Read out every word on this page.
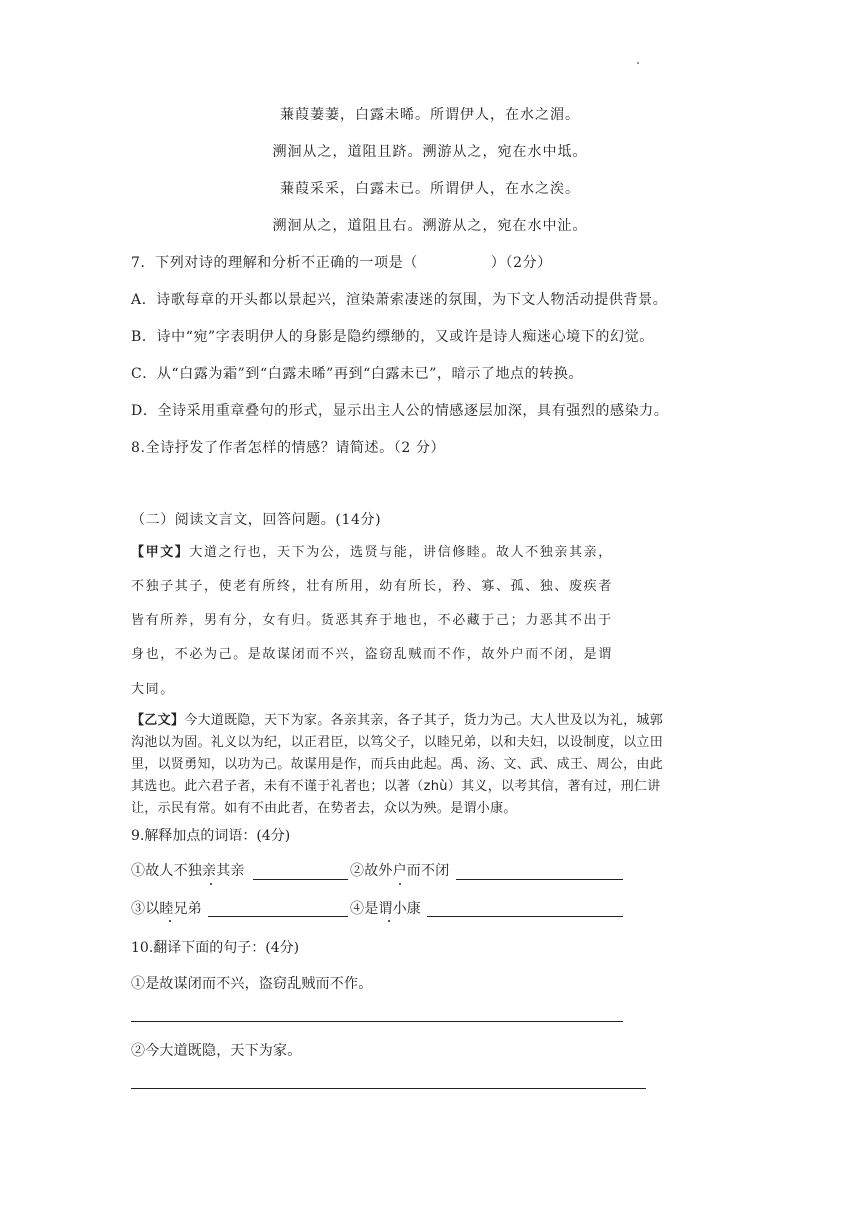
蒹葭萋萋，白露未晞。所谓伊人，在水之湄。
溯洄从之，道阻且跻。溯游从之，宛在水中坻。
蒹葭采采，白露未已。所谓伊人，在水之涘。
溯洄从之，道阻且右。溯游从之，宛在水中沚。
7．下列对诗的理解和分析不正确的一项是（　　　　　）（2分）
A．诗歌每章的开头都以景起兴，渲染萧索凄迷的氛围，为下文人物活动提供背景。
B．诗中“宛”字表明伊人的身影是隐约缥缈的，又或许是诗人痴迷心境下的幻觉。
C．从“白露为霜”到“白露未晞”再到“白露未已”，暗示了地点的转换。
D．全诗采用重章叠句的形式，显示出主人公的情感逐层加深，具有强烈的感染力。
8.全诗抒发了作者怎样的情感？请简述。（2 分）
（二）阅读文言文，回答问题。(14分)
【甲文】大道之行也，天下为公，选贤与能，讲信修睦。故人不独亲其亲，
不独子其子，使老有所终，壮有所用，幼有所长，矜、寡、孤、独、废疾者
皆有所养，男有分，女有归。货恶其弃于地也，不必藏于己；力恶其不出于
身也，不必为己。是故谋闭而不兴，盗窃乱贼而不作，故外户而不闭，是谓
大同。
【乙文】今大道既隐，天下为家。各亲其亲，各子其子，货力为己。大人世及以为礼，城郭
沟池以为固。礼义以为纪，以正君臣，以笃父子，以睦兄弟，以和夫妇，以设制度，以立田
里，以贤勇知，以功为己。故谋用是作，而兵由此起。禹、汤、文、武、成王、周公，由此
其选也。此六君子者，未有不谨于礼者也；以著（zhù）其义，以考其信，著有过，刑仁讲
让，示民有常。如有不由此者，在势者去，众以为殃。是谓小康。
9.解释加点的词语：(4分)
①故人不独亲其亲	②故外户而不闭
③以睦兄弟	④是谓小康
10.翻译下面的句子：(4分)
①是故谋闭而不兴，盗窃乱贼而不作。
②今大道既隐，天下为家。
